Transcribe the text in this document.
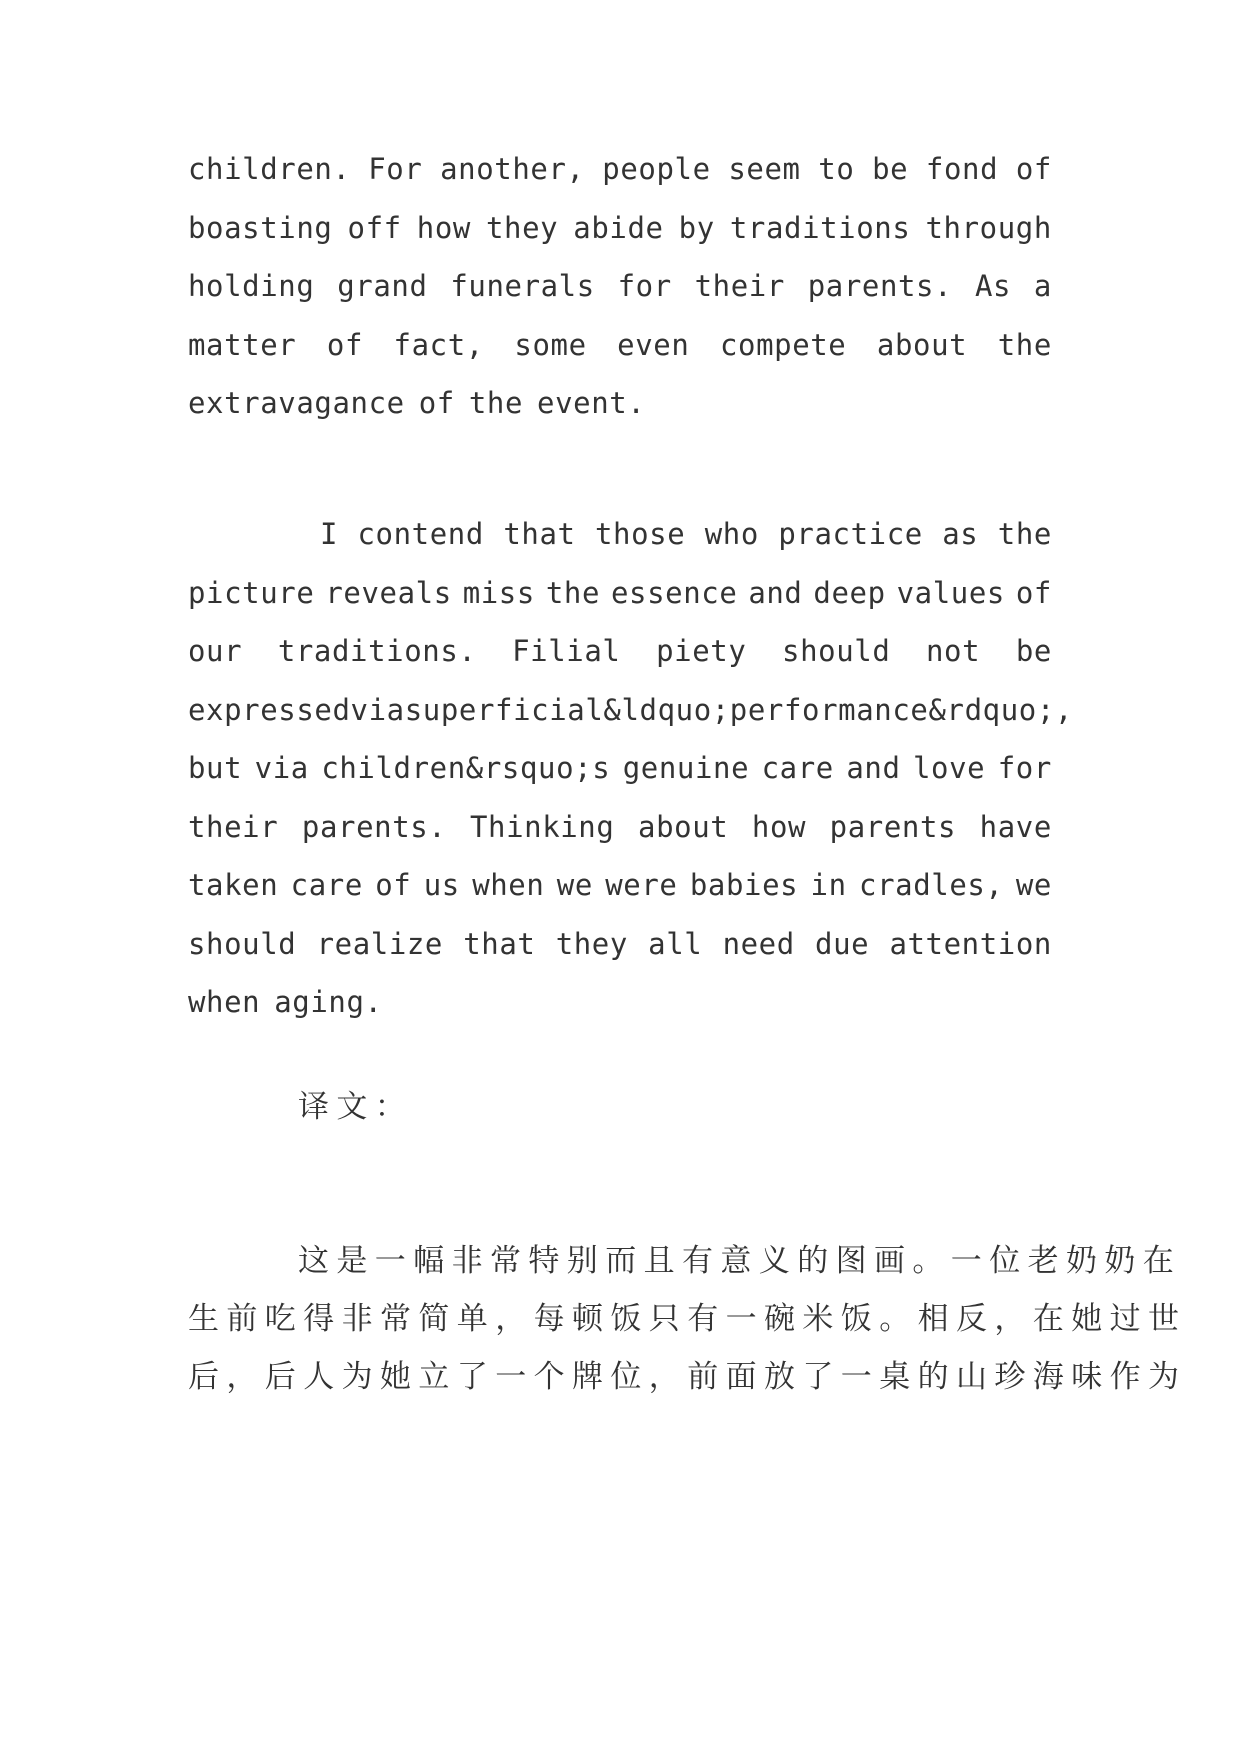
children. For another, people seem to be fond of
boasting off how they abide by traditions through
holding grand funerals for their parents. As a
matter of fact, some even compete about the
extravagance of the event.
I contend that those who practice as the
picture reveals miss the essence and deep values of
our traditions. Filial piety should not be
expressed via superficial &ldquo;performance&rdquo;,
but via children&rsquo;s genuine care and love for
their parents. Thinking about how parents have
taken care of us when we were babies in cradles, we
should realize that they all need due attention
when aging.
译文：
这是一幅非常特别而且有意义的图画。一位老奶奶在
生前吃得非常简单，每顿饭只有一碗米饭。相反，在她过世
后，后人为她立了一个牌位，前面放了一桌的山珍海味作为
